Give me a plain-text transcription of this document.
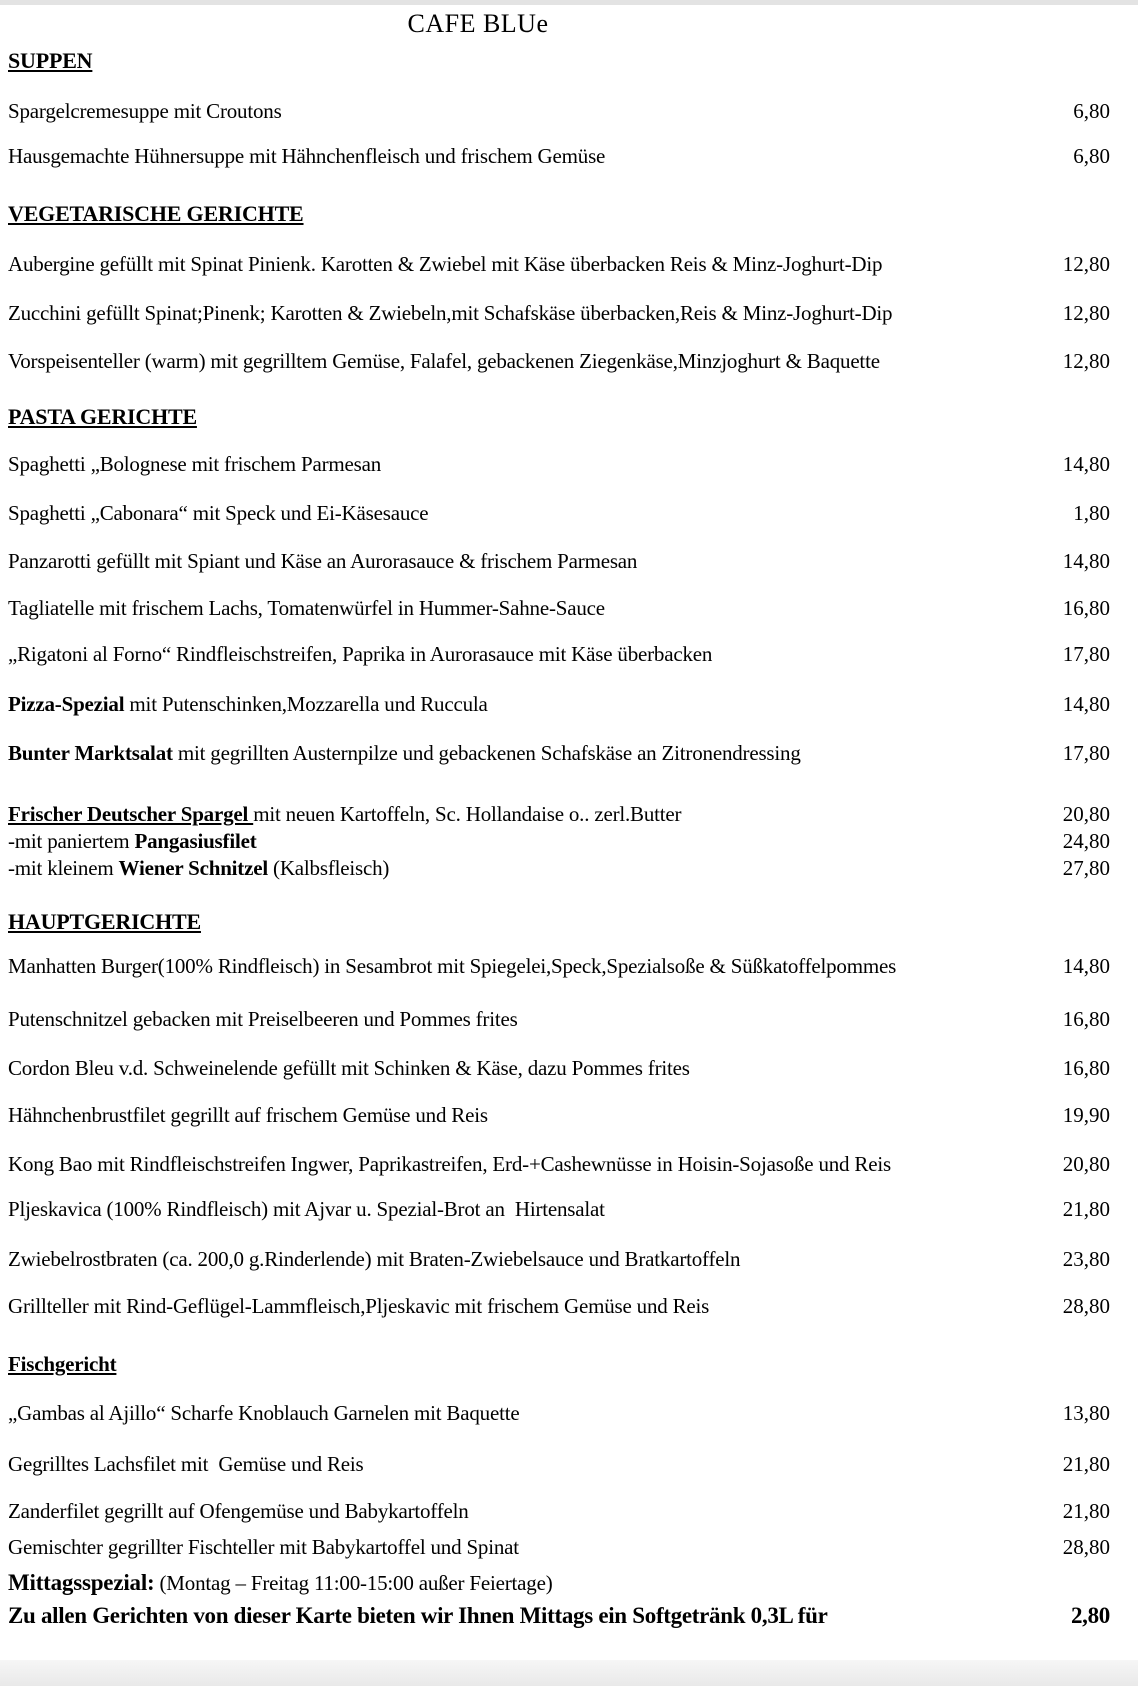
CAFE BLUe
SUPPEN
Spargelcremesuppe mit Croutons	6,80
Hausgemachte Hühnersuppe mit Hähnchenfleisch und frischem Gemüse	6,80
VEGETARISCHE GERICHTE
Aubergine gefüllt mit Spinat Pinienk. Karotten & Zwiebel mit Käse überbacken Reis & Minz-Joghurt-Dip	12,80
Zucchini gefüllt Spinat;Pinenk; Karotten & Zwiebeln,mit Schafskäse überbacken,Reis & Minz-Joghurt-Dip	12,80
Vorspeisenteller (warm) mit gegrilltem Gemüse, Falafel, gebackenen Ziegenkäse,Minzjoghurt & Baquette	12,80
PASTA GERICHTE
Spaghetti „Bolognese mit frischem Parmesan	14,80
Spaghetti „Cabonara“ mit Speck und Ei-Käsesauce	1,80
Panzarotti gefüllt mit Spiant und Käse an Aurorasauce & frischem Parmesan	14,80
Tagliatelle mit frischem Lachs, Tomatenwürfel in Hummer-Sahne-Sauce	16,80
„Rigatoni al Forno“ Rindfleischstreifen, Paprika in Aurorasauce mit Käse überbacken	17,80
Pizza-Spezial mit Putenschinken,Mozzarella und Ruccula	14,80
Bunter Marktsalat mit gegrillten Austernpilze und gebackenen Schafskäse an Zitronendressing	17,80
Frischer Deutscher Spargel mit neuen Kartoffeln, Sc. Hollandaise o.. zerl.Butter	20,80
-mit paniertem Pangasiusfilet	24,80
-mit kleinem Wiener Schnitzel (Kalbsfleisch)	27,80
HAUPTGERICHTE
Manhatten Burger(100% Rindfleisch) in Sesambrot mit Spiegelei,Speck,Spezialsoße & Süßkatoffelpommes	14,80
Putenschnitzel gebacken mit Preiselbeeren und Pommes frites	16,80
Cordon Bleu v.d. Schweinelende gefüllt mit Schinken & Käse, dazu Pommes frites	16,80
Hähnchenbrustfilet gegrillt auf frischem Gemüse und Reis	19,90
Kong Bao mit Rindfleischstreifen Ingwer, Paprikastreifen, Erd-+Cashewnüsse in Hoisin-Sojasoße und Reis	20,80
Pljeskavica (100% Rindfleisch) mit Ajvar u. Spezial-Brot an  Hirtensalat	21,80
Zwiebelrostbraten (ca. 200,0 g.Rinderlende) mit Braten-Zwiebelsauce und Bratkartoffeln	23,80
Grillteller mit Rind-Geflügel-Lammfleisch,Pljeskavic mit frischem Gemüse und Reis	28,80
Fischgericht
„Gambas al Ajillo“ Scharfe Knoblauch Garnelen mit Baquette	13,80
Gegrilltes Lachsfilet mit  Gemüse und Reis	21,80
Zanderfilet gegrillt auf Ofengemüse und Babykartoffeln	21,80
Gemischter gegrillter Fischteller mit Babykartoffel und Spinat	28,80
Mittagsspezial: (Montag – Freitag 11:00-15:00 außer Feiertage)
Zu allen Gerichten von dieser Karte bieten wir Ihnen Mittags ein Softgetränk 0,3L für	2,80
